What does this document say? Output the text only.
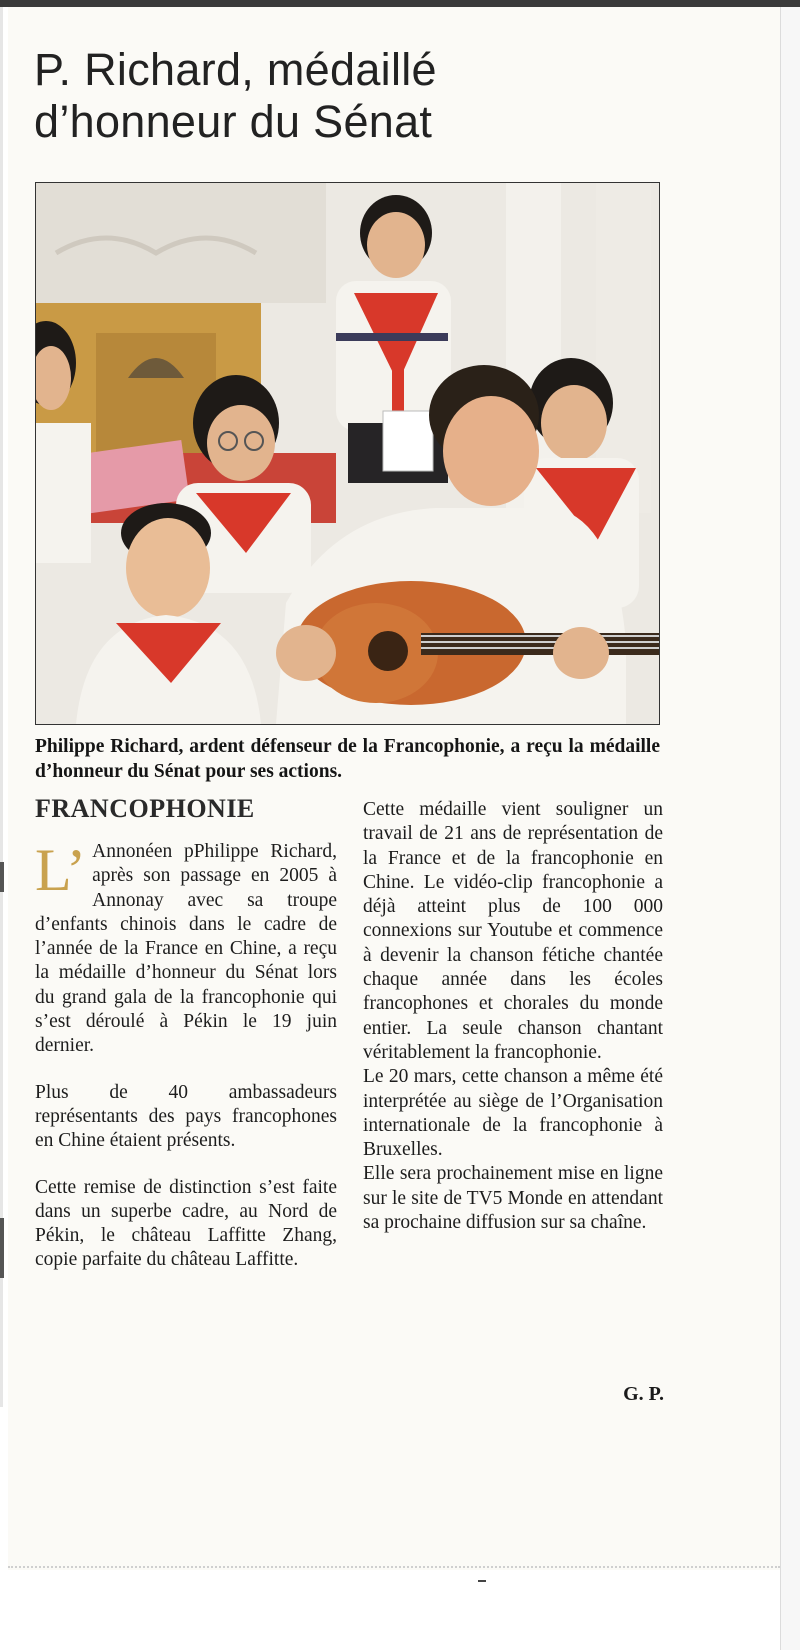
P. Richard, médaillé d’honneur du Sénat

Philippe Richard, ardent défenseur de la Francophonie, a reçu la médaille d’honneur du Sénat pour ses actions.

FRANCOPHONIE

L’ Annonéen pPhilippe Richard, après son passage en 2005 à Annonay avec sa troupe d’enfants chinois dans le cadre de l’année de la France en Chine, a reçu la médaille d’honneur du Sénat lors du grand gala de la francophonie qui s’est déroulé à Pékin le 19 juin dernier.

Plus de 40 ambassadeurs représentants des pays francophones en Chine étaient présents.

Cette remise de distinction s’est faite dans un superbe cadre, au Nord de Pékin, le château Laffitte Zhang, copie parfaite du château Laffitte.

Cette médaille vient souligner un travail de 21 ans de représentation de la France et de la francophonie en Chine. Le vidéo-clip francophonie a déjà atteint plus de 100 000 connexions sur Youtube et commence à devenir la chanson fétiche chantée chaque année dans les écoles francophones et chorales du monde entier. La seule chanson chantant véritablement la francophonie.

Le 20 mars, cette chanson a même été interprétée au siège de l’Organisation internationale de la francophonie à Bruxelles.

Elle sera prochainement mise en ligne sur le site de TV5 Monde en attendant sa prochaine diffusion sur sa chaîne.

G. P.
